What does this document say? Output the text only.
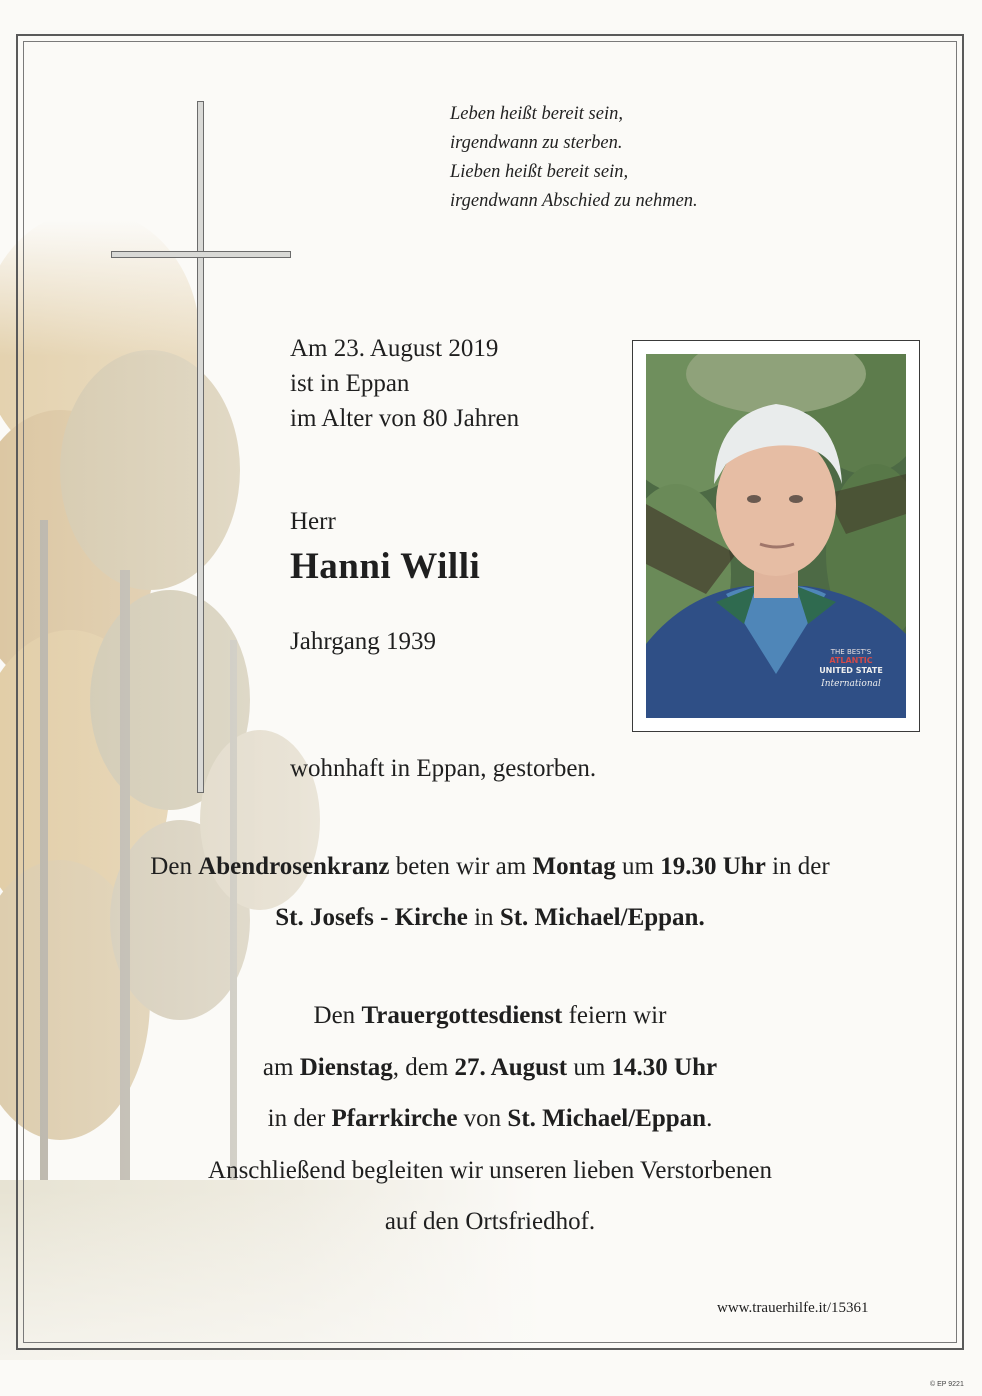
Leben heißt bereit sein,
irgendwann zu sterben.
Lieben heißt bereit sein,
irgendwann Abschied zu nehmen.
Am 23. August 2019
ist in Eppan
im Alter von 80 Jahren
Herr
Hanni Willi
Jahrgang 1939
wohnhaft in Eppan, gestorben.
THE BEST'S
ATLANTIC
UNITED STATE
International
Den Abendrosenkranz beten wir am Montag um 19.30 Uhr in der
St. Josefs - Kirche in St. Michael/Eppan.
Den Trauergottesdienst feiern wir
am Dienstag, dem 27. August um 14.30 Uhr
in der Pfarrkirche von St. Michael/Eppan.
Anschließend begleiten wir unseren lieben Verstorbenen
auf den Ortsfriedhof.
www.trauerhilfe.it/15361
© EP 9221
